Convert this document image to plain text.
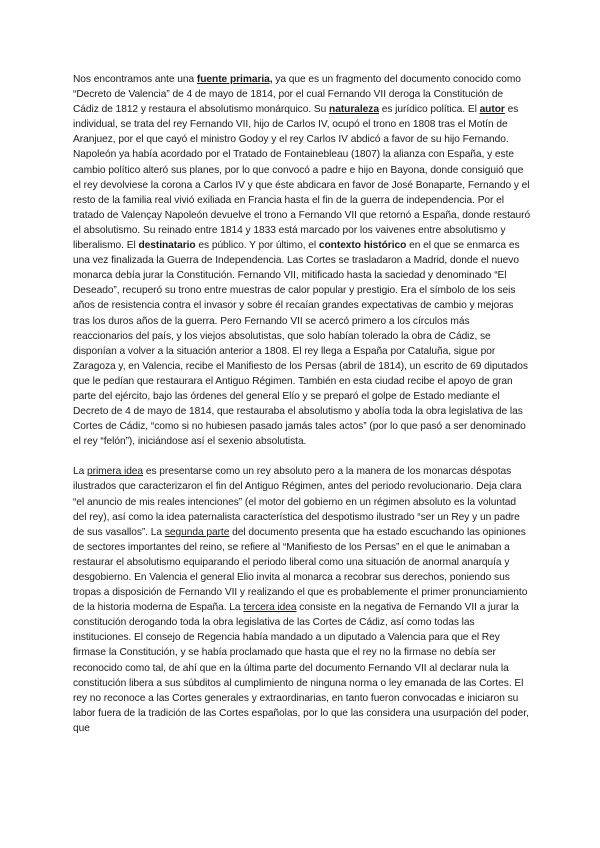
Nos encontramos ante una fuente primaria, ya que es un fragmento del documento conocido como “Decreto de Valencia” de 4 de mayo de 1814, por el cual Fernando VII deroga la Constitución de Cádiz de 1812 y restaura el absolutismo monárquico. Su naturaleza es jurídico política. El autor es individual, se trata del rey Fernando VII, hijo de Carlos IV, ocupó el trono en 1808 tras el Motín de Aranjuez, por el que cayó el ministro Godoy y el rey Carlos IV abdicó a favor de su hijo Fernando. Napoleón ya había acordado por el Tratado de Fontainebleau (1807) la alianza con España, y este cambio político alteró sus planes, por lo que convocó a padre e hijo en Bayona, donde consiguió que el rey devolviese la corona a Carlos IV y que éste abdicara en favor de José Bonaparte, Fernando y el resto de la familia real vivió exiliada en Francia hasta el fin de la guerra de independencia. Por el tratado de Valençay Napoleón devuelve el trono a Fernando VII que retornó a España, donde restauró el absolutismo. Su reinado entre 1814 y 1833 está marcado por los vaivenes entre absolutismo y liberalismo. El destinatario es público. Y por último, el contexto histórico en el que se enmarca es una vez finalizada la Guerra de Independencia. Las Cortes se trasladaron a Madrid, donde el nuevo monarca debía jurar la Constitución. Fernando VII, mitificado hasta la saciedad y denominado “El Deseado”, recuperó su trono entre muestras de calor popular y prestigio. Era el símbolo de los seis años de resistencia contra el invasor y sobre él recaían grandes expectativas de cambio y mejoras tras los duros años de la guerra. Pero Fernando VII se acercó primero a los círculos más reaccionarios del país, y los viejos absolutistas, que solo habían tolerado la obra de Cádiz, se disponían a volver a la situación anterior a 1808. El rey llega a España por Cataluña, sigue por Zaragoza y, en Valencia, recibe el Manifiesto de los Persas (abril de 1814), un escrito de 69 diputados que le pedían que restaurara el Antiguo Régimen. También en esta ciudad recibe el apoyo de gran parte del ejército, bajo las órdenes del general Elío y se preparó el golpe de Estado mediante el Decreto de 4 de mayo de 1814, que restauraba el absolutismo y abolía toda la obra legislativa de las Cortes de Cádiz, “como si no hubiesen pasado jamás tales actos” (por lo que pasó a ser denominado el rey “felón”), iniciándose así el sexenio absolutista.

La primera idea es presentarse como un rey absoluto pero a la manera de los monarcas déspotas ilustrados que caracterizaron el fin del Antiguo Régimen, antes del periodo revolucionario. Deja clara “el anuncio de mis reales intenciones” (el motor del gobierno en un régimen absoluto es la voluntad del rey), así como la idea paternalista característica del despotismo ilustrado “ser un Rey y un padre de sus vasallos”. La segunda parte del documento presenta que ha estado escuchando las opiniones de sectores importantes del reino, se refiere al “Manifiesto de los Persas” en el que le animaban a restaurar el absolutismo equiparando el periodo liberal como una situación de anormal anarquía y desgobierno. En Valencia el general Elio invita al monarca a recobrar sus derechos, poniendo sus tropas a disposición de Fernando VII y realizando el que es probablemente el primer pronunciamiento de la historia moderna de España. La tercera idea consiste en la negativa de Fernando VII a jurar la constitución derogando toda la obra legislativa de las Cortes de Cádiz, así como todas las instituciones. El consejo de Regencia había mandado a un diputado a Valencia para que el Rey firmase la Constitución, y se había proclamado que hasta que el rey no la firmase no debía ser reconocido como tal, de ahí que en la última parte del documento Fernando VII al declarar nula la constitución libera a sus súbditos al cumplimiento de ninguna norma o ley emanada de las Cortes. El rey no reconoce a las Cortes generales y extraordinarias, en tanto fueron convocadas e iniciaron su labor fuera de la tradición de las Cortes españolas, por lo que las considera una usurpación del poder, que
